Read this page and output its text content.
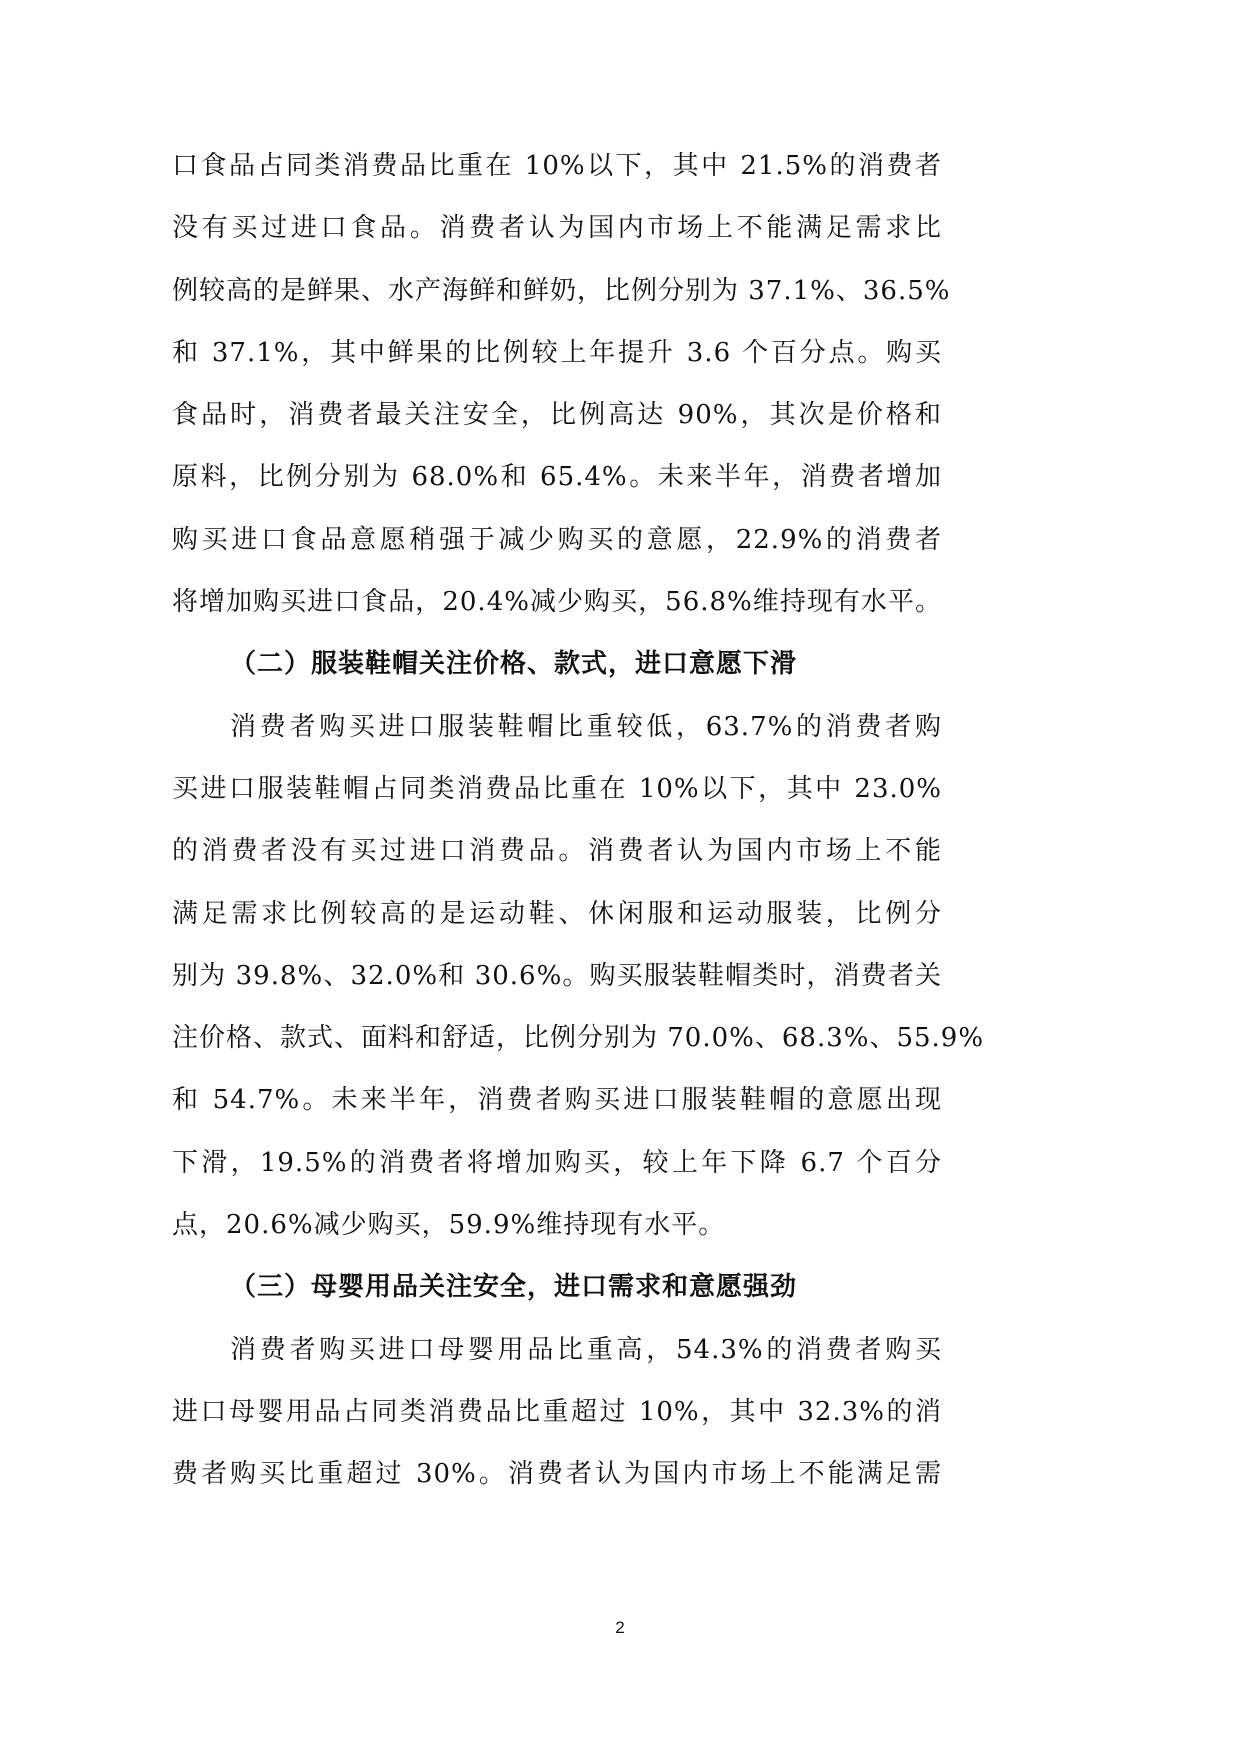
口食品占同类消费品比重在 10%以下，其中 21.5%的消费者
没有买过进口食品。消费者认为国内市场上不能满足需求比
例较高的是鲜果、水产海鲜和鲜奶，比例分别为 37.1%、36.5%
和 37.1%，其中鲜果的比例较上年提升 3.6 个百分点。购买
食品时，消费者最关注安全，比例高达 90%，其次是价格和
原料，比例分别为 68.0%和 65.4%。未来半年，消费者增加
购买进口食品意愿稍强于减少购买的意愿，22.9%的消费者
将增加购买进口食品，20.4%减少购买，56.8%维持现有水平。
（二）服装鞋帽关注价格、款式，进口意愿下滑
消费者购买进口服装鞋帽比重较低，63.7%的消费者购
买进口服装鞋帽占同类消费品比重在 10%以下，其中 23.0%
的消费者没有买过进口消费品。消费者认为国内市场上不能
满足需求比例较高的是运动鞋、休闲服和运动服装，比例分
别为 39.8%、32.0%和 30.6%。购买服装鞋帽类时，消费者关
注价格、款式、面料和舒适，比例分别为 70.0%、68.3%、55.9%
和 54.7%。未来半年，消费者购买进口服装鞋帽的意愿出现
下滑，19.5%的消费者将增加购买，较上年下降 6.7 个百分
点，20.6%减少购买，59.9%维持现有水平。
（三）母婴用品关注安全，进口需求和意愿强劲
消费者购买进口母婴用品比重高，54.3%的消费者购买
进口母婴用品占同类消费品比重超过 10%，其中 32.3%的消
费者购买比重超过 30%。消费者认为国内市场上不能满足需
2
